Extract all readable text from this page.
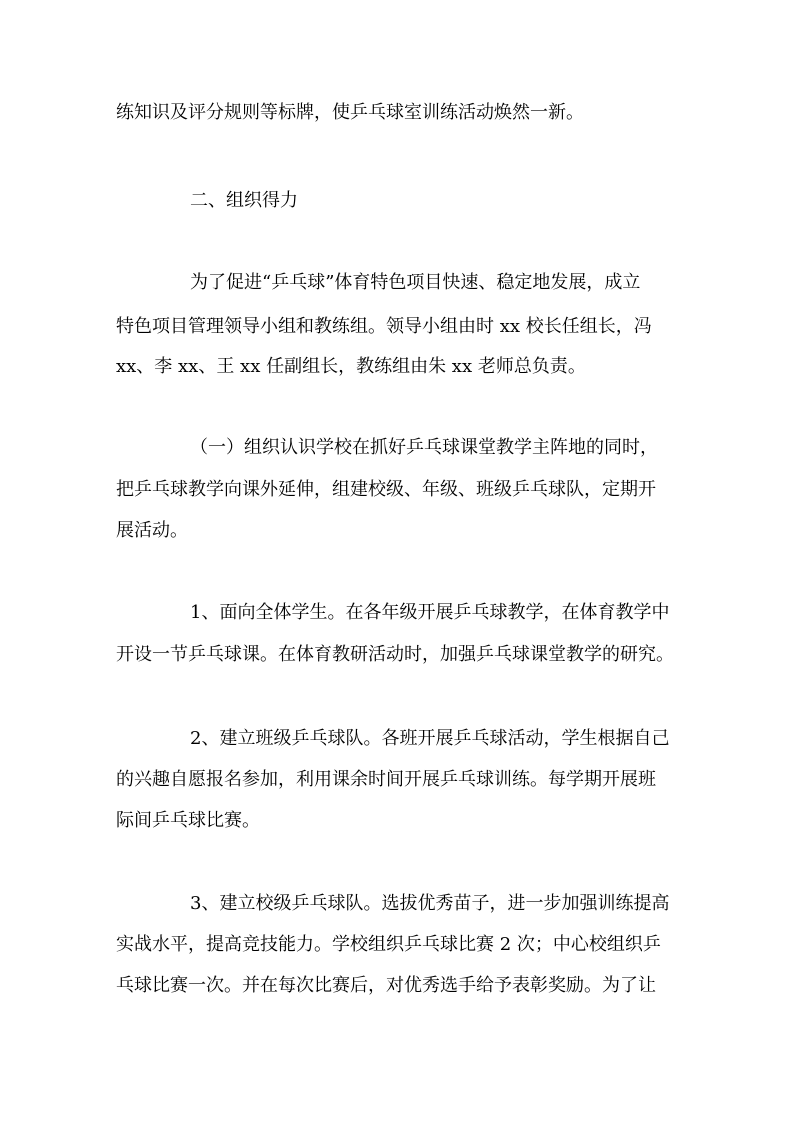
练知识及评分规则等标牌，使乒乓球室训练活动焕然一新。
二、组织得力
为了促进“乒乓球”体育特色项目快速、稳定地发展，成立
特色项目管理领导小组和教练组。领导小组由时 xx 校长任组长，冯
xx、李 xx、王 xx 任副组长，教练组由朱 xx 老师总负责。
（一）组织认识学校在抓好乒乓球课堂教学主阵地的同时，
把乒乓球教学向课外延伸，组建校级、年级、班级乒乓球队，定期开
展活动。
1、面向全体学生。在各年级开展乒乓球教学，在体育教学中
开设一节乒乓球课。在体育教研活动时，加强乒乓球课堂教学的研究。
2、建立班级乒乓球队。各班开展乒乓球活动，学生根据自己
的兴趣自愿报名参加，利用课余时间开展乒乓球训练。每学期开展班
际间乒乓球比赛。
3、建立校级乒乓球队。选拔优秀苗子，进一步加强训练提高
实战水平，提高竞技能力。学校组织乒乓球比赛 2 次；中心校组织乒
乓球比赛一次。并在每次比赛后，对优秀选手给予表彰奖励。为了让
